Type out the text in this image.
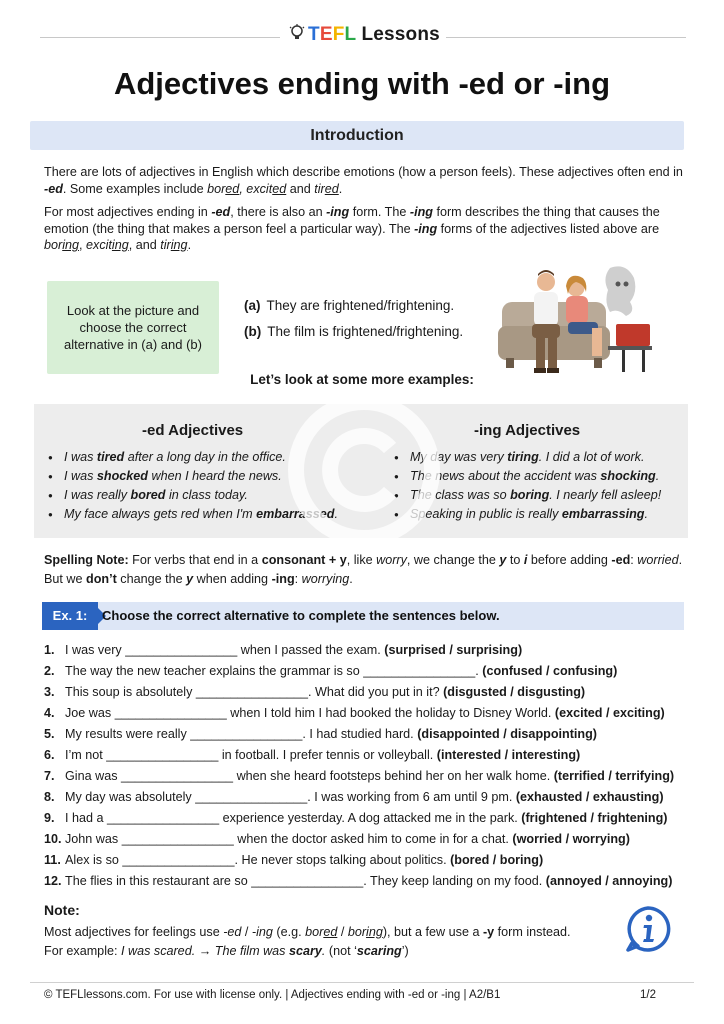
TEFL Lessons
Adjectives ending with -ed or -ing
Introduction
There are lots of adjectives in English which describe emotions (how a person feels). These adjectives often end in -ed. Some examples include bored, excited and tired.
For most adjectives ending in -ed, there is also an -ing form. The -ing form describes the thing that causes the emotion (the thing that makes a person feel a particular way). The -ing forms of the adjectives listed above are boring, exciting, and tiring.
Look at the picture and choose the correct alternative in (a) and (b)
(a) They are frightened/frightening.
(b) The film is frightened/frightening.
Let’s look at some more examples:
-ed Adjectives	-ing Adjectives
● I was tired after a long day in the office.
● I was shocked when I heard the news.
● I was really bored in class today.
● My face always gets red when I'm embarrassed.
● My day was very tiring. I did a lot of work.
● The news about the accident was shocking.
● The class was so boring. I nearly fell asleep!
● Speaking in public is really embarrassing.
Spelling Note: For verbs that end in a consonant + y, like worry, we change the y to i before adding -ed: worried.
But we don’t change the y when adding -ing: worrying.
Ex. 1:	Choose the correct alternative to complete the sentences below.
1. I was very ________________ when I passed the exam. (surprised / surprising)
2. The way the new teacher explains the grammar is so ________________. (confused / confusing)
3. This soup is absolutely ________________. What did you put in it? (disgusted / disgusting)
4. Joe was ________________ when I told him I had booked the holiday to Disney World. (excited / exciting)
5. My results were really ________________. I had studied hard. (disappointed / disappointing)
6. I’m not ________________ in football. I prefer tennis or volleyball. (interested / interesting)
7. Gina was ________________ when she heard footsteps behind her on her walk home. (terrified / terrifying)
8. My day was absolutely ________________. I was working from 6 am until 9 pm. (exhausted / exhausting)
9. I had a ________________ experience yesterday. A dog attacked me in the park. (frightened / frightening)
10. John was ________________ when the doctor asked him to come in for a chat. (worried / worrying)
11. Alex is so ________________. He never stops talking about politics. (bored / boring)
12. The flies in this restaurant are so ________________. They keep landing on my food. (annoyed / annoying)
Note:
Most adjectives for feelings use -ed / -ing (e.g. bored / boring), but a few use a -y form instead.
For example: I was scared. → The film was scary. (not ‘scaring’)
© TEFLlessons.com. For use with license only. | Adjectives ending with -ed or -ing | A2/B1	1/2
